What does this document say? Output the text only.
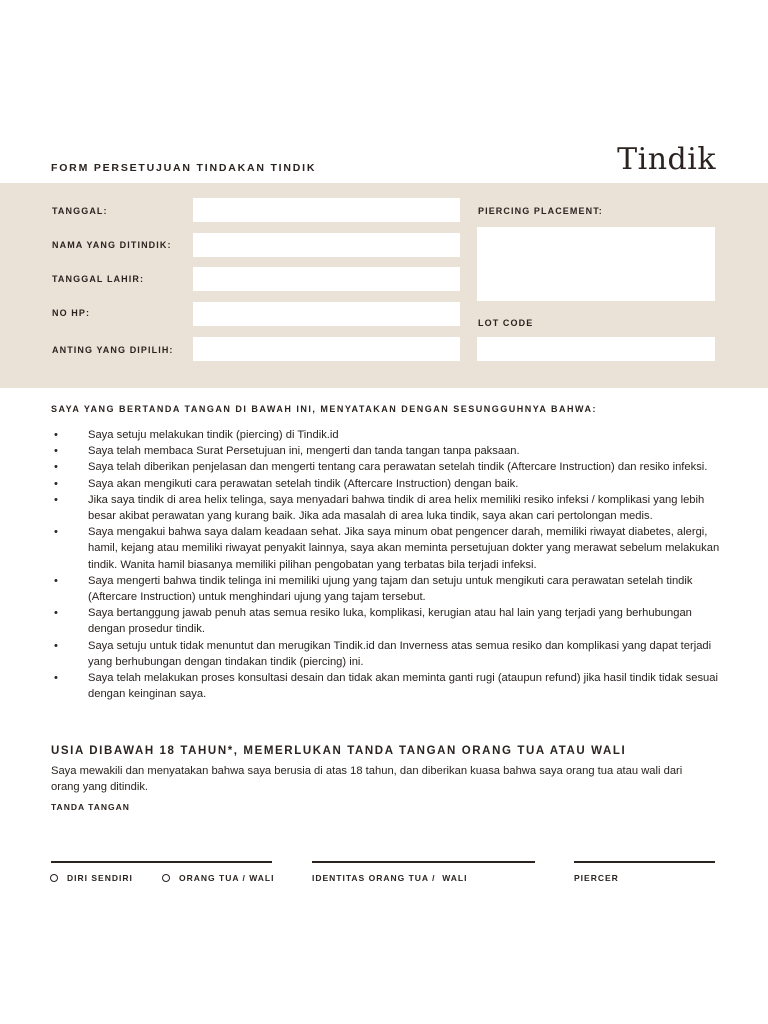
FORM PERSETUJUAN TINDAKAN TINDIK	Tindik
TANGGAL:
NAMA YANG DITINDIK:
TANGGAL LAHIR:
NO HP:
ANTING YANG DIPILIH:
PIERCING PLACEMENT:
LOT CODE
SAYA YANG BERTANDA TANGAN DI BAWAH INI, MENYATAKAN DENGAN SESUNGGUHNYA BAHWA:
• Saya setuju melakukan tindik (piercing) di Tindik.id
• Saya telah membaca Surat Persetujuan ini, mengerti dan tanda tangan tanpa paksaan.
• Saya telah diberikan penjelasan dan mengerti tentang cara perawatan setelah tindik (Aftercare Instruction) dan resiko infeksi.
• Saya akan mengikuti cara perawatan setelah tindik (Aftercare Instruction) dengan baik.
• Jika saya tindik di area helix telinga, saya menyadari bahwa tindik di area helix memiliki resiko infeksi / komplikasi yang lebih besar akibat perawatan yang kurang baik. Jika ada masalah di area luka tindik, saya akan cari pertolongan medis.
• Saya mengakui bahwa saya dalam keadaan sehat. Jika saya minum obat pengencer darah, memiliki riwayat diabetes, alergi, hamil, kejang atau memiliki riwayat penyakit lainnya, saya akan meminta persetujuan dokter yang merawat sebelum melakukan tindik. Wanita hamil biasanya memiliki pilihan pengobatan yang terbatas bila terjadi infeksi.
• Saya mengerti bahwa tindik telinga ini memiliki ujung yang tajam dan setuju untuk mengikuti cara perawatan setelah tindik (Aftercare Instruction) untuk menghindari ujung yang tajam tersebut.
• Saya bertanggung jawab penuh atas semua resiko luka, komplikasi, kerugian atau hal lain yang terjadi yang berhubungan dengan prosedur tindik.
• Saya setuju untuk tidak menuntut dan merugikan Tindik.id dan Inverness atas semua resiko dan komplikasi yang dapat terjadi yang berhubungan dengan tindakan tindik (piercing) ini.
• Saya telah melakukan proses konsultasi desain dan tidak akan meminta ganti rugi (ataupun refund) jika hasil tindik tidak sesuai dengan keinginan saya.
USIA DIBAWAH 18 TAHUN*, MEMERLUKAN TANDA TANGAN ORANG TUA ATAU WALI
Saya mewakili dan menyatakan bahwa saya berusia di atas 18 tahun, dan diberikan kuasa bahwa saya orang tua atau wali dari orang yang ditindik.
TANDA TANGAN
DIRI SENDIRI	ORANG TUA / WALI	IDENTITAS ORANG TUA /  WALI	PIERCER
